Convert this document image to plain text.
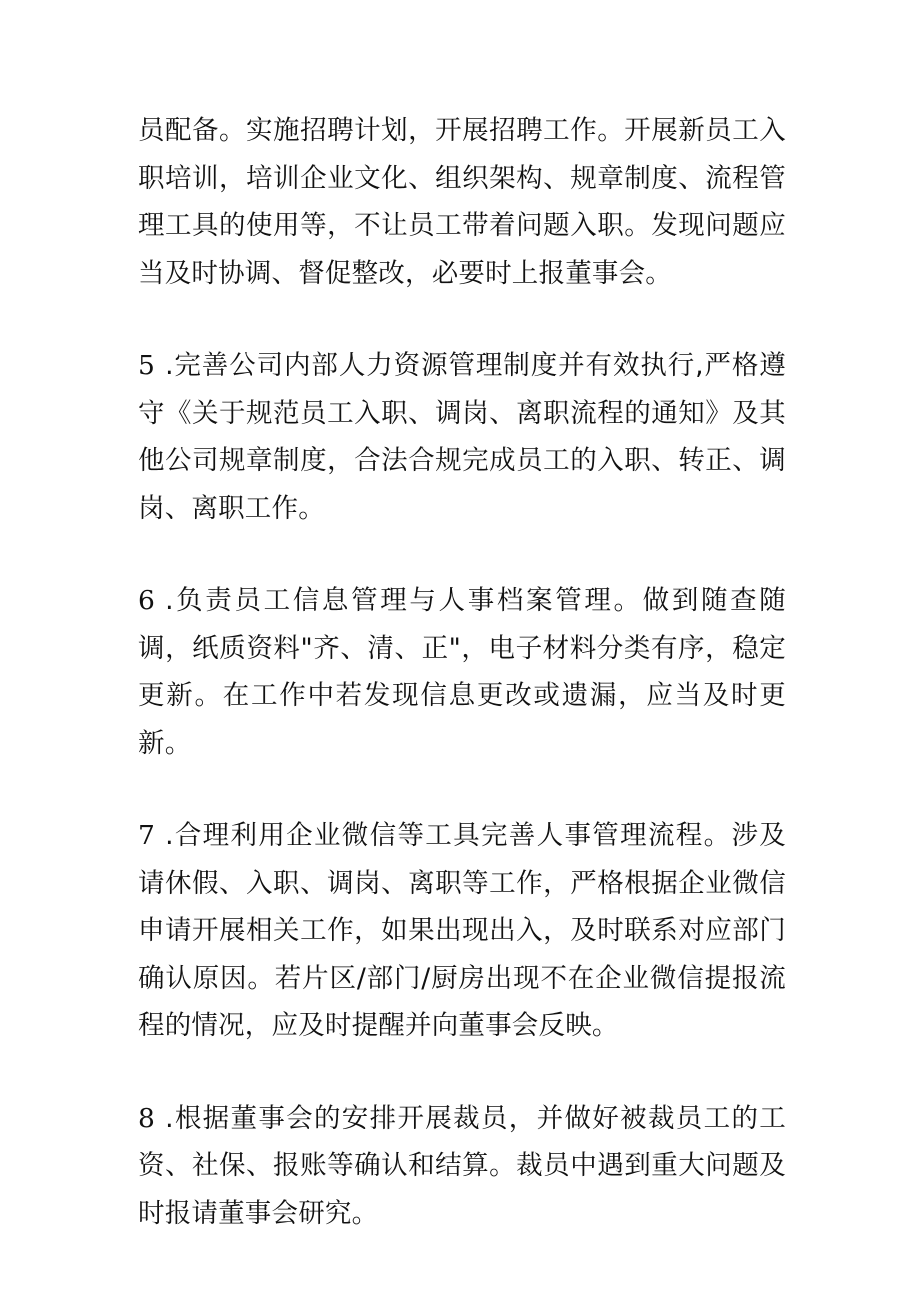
员配备。实施招聘计划，开展招聘工作。开展新员工入职培训，培训企业文化、组织架构、规章制度、流程管理工具的使用等，不让员工带着问题入职。发现问题应当及时协调、督促整改，必要时上报董事会。

5 .完善公司内部人力资源管理制度并有效执行,严格遵守《关于规范员工入职、调岗、离职流程的通知》及其他公司规章制度，合法合规完成员工的入职、转正、调岗、离职工作。

6 .负责员工信息管理与人事档案管理。做到随查随调，纸质资料"齐、清、正"，电子材料分类有序，稳定更新。在工作中若发现信息更改或遗漏，应当及时更新。

7 .合理利用企业微信等工具完善人事管理流程。涉及请休假、入职、调岗、离职等工作，严格根据企业微信申请开展相关工作，如果出现出入，及时联系对应部门确认原因。若片区/部门/厨房出现不在企业微信提报流程的情况，应及时提醒并向董事会反映。

8 .根据董事会的安排开展裁员，并做好被裁员工的工资、社保、报账等确认和结算。裁员中遇到重大问题及时报请董事会研究。
